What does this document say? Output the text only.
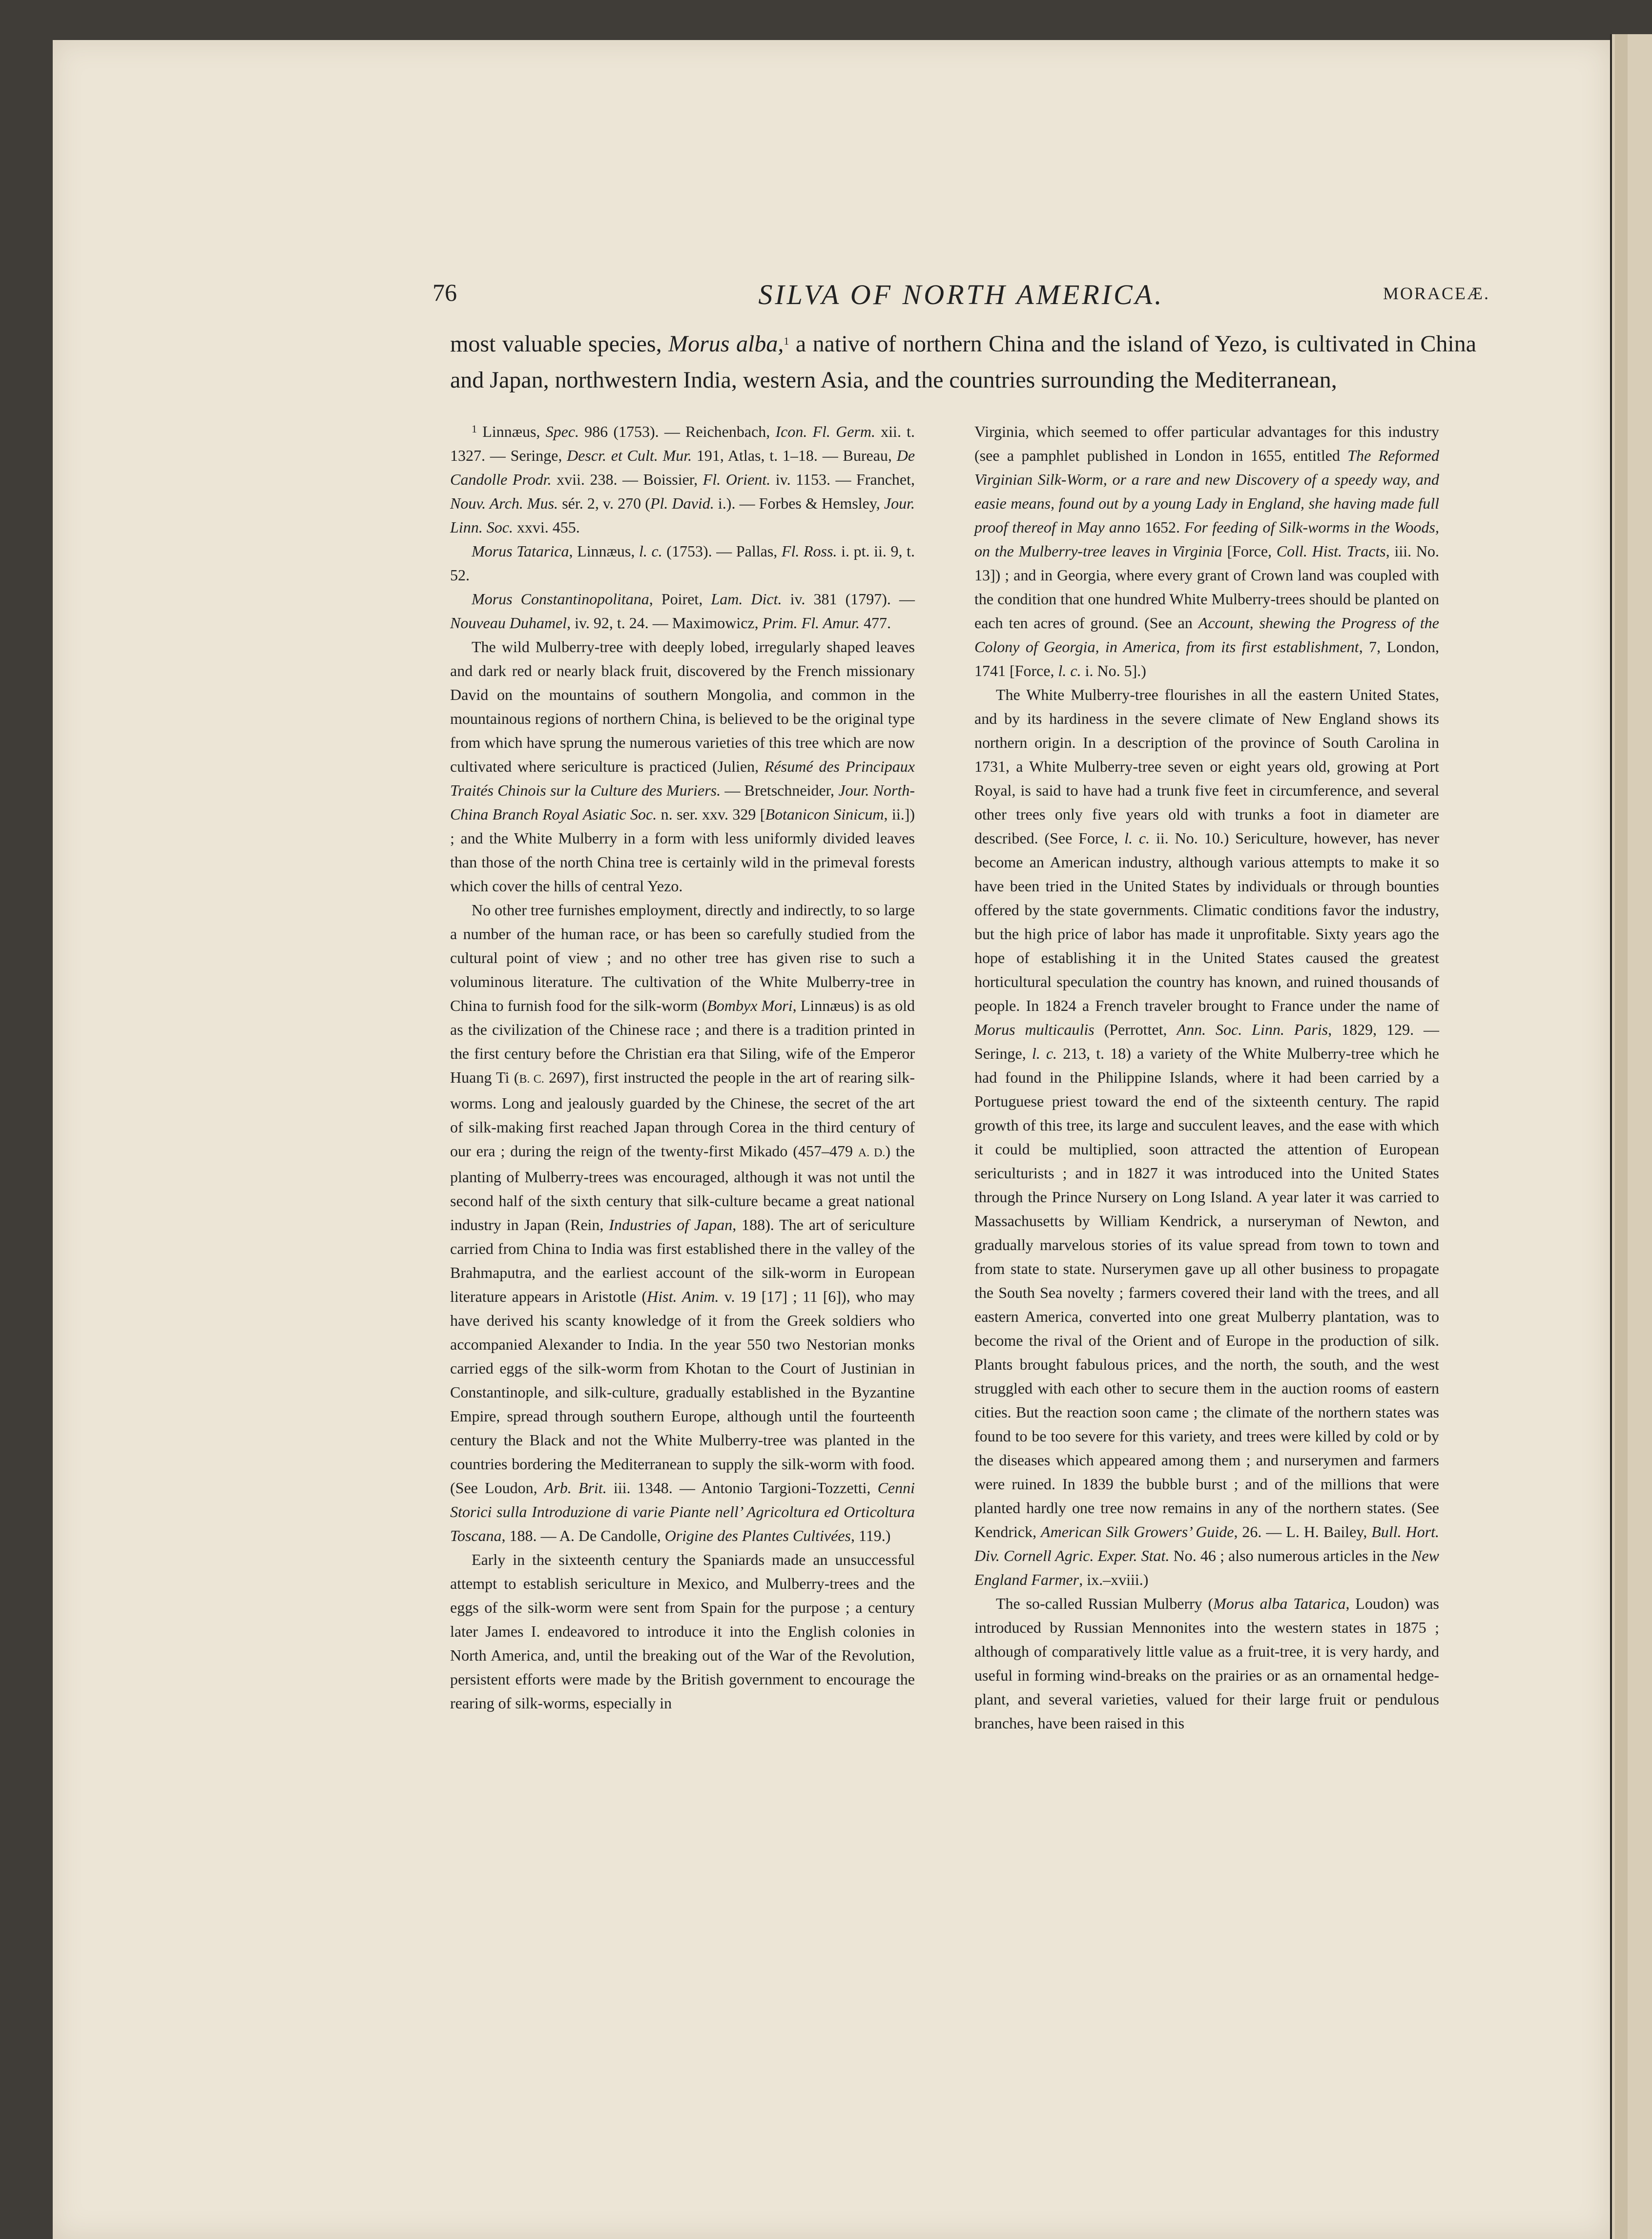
76	SILVA OF NORTH AMERICA.	MORACEÆ.

most valuable species, Morus alba,$^1$ a native of northern China and the island of Yezo, is cultivated in China and Japan, northwestern India, western Asia, and the countries surrounding the Mediterranean,

$^1$ Linnæus, Spec. 986 (1753). — Reichenbach, Icon. Fl. Germ. xii. t. 1327. — Seringe, Descr. et Cult. Mur. 191, Atlas, t. 1–18. — Bureau, De Candolle Prodr. xvii. 238. — Boissier, Fl. Orient. iv. 1153. — Franchet, Nouv. Arch. Mus. sér. 2, v. 270 (Pl. David. i.). — Forbes & Hemsley, Jour. Linn. Soc. xxvi. 455.

Morus Tatarica, Linnæus, l. c. (1753). — Pallas, Fl. Ross. i. pt. ii. 9, t. 52.

Morus Constantinopolitana, Poiret, Lam. Dict. iv. 381 (1797). — Nouveau Duhamel, iv. 92, t. 24. — Maximowicz, Prim. Fl. Amur. 477.

The wild Mulberry-tree with deeply lobed, irregularly shaped leaves and dark red or nearly black fruit, discovered by the French missionary David on the mountains of southern Mongolia, and common in the mountainous regions of northern China, is believed to be the original type from which have sprung the numerous varieties of this tree which are now cultivated where sericulture is practiced (Julien, Résumé des Principaux Traités Chinois sur la Culture des Muriers. — Bretschneider, Jour. North-China Branch Royal Asiatic Soc. n. ser. xxv. 329 [Botanicon Sinicum, ii.]) ; and the White Mulberry in a form with less uniformly divided leaves than those of the north China tree is certainly wild in the primeval forests which cover the hills of central Yezo.

No other tree furnishes employment, directly and indirectly, to so large a number of the human race, or has been so carefully studied from the cultural point of view ; and no other tree has given rise to such a voluminous literature. The cultivation of the White Mulberry-tree in China to furnish food for the silk-worm (Bombyx Mori, Linnæus) is as old as the civilization of the Chinese race ; and there is a tradition printed in the first century before the Christian era that Siling, wife of the Emperor Huang Ti (B. C. 2697), first instructed the people in the art of rearing silk-worms. Long and jealously guarded by the Chinese, the secret of the art of silk-making first reached Japan through Corea in the third century of our era ; during the reign of the twenty-first Mikado (457–479 A. D.) the planting of Mulberry-trees was encouraged, although it was not until the second half of the sixth century that silk-culture became a great national industry in Japan (Rein, Industries of Japan, 188). The art of sericulture carried from China to India was first established there in the valley of the Brahmaputra, and the earliest account of the silk-worm in European literature appears in Aristotle (Hist. Anim. v. 19 [17] ; 11 [6]), who may have derived his scanty knowledge of it from the Greek soldiers who accompanied Alexander to India. In the year 550 two Nestorian monks carried eggs of the silk-worm from Khotan to the Court of Justinian in Constantinople, and silk-culture, gradually established in the Byzantine Empire, spread through southern Europe, although until the fourteenth century the Black and not the White Mulberry-tree was planted in the countries bordering the Mediterranean to supply the silk-worm with food. (See Loudon, Arb. Brit. iii. 1348. — Antonio Targioni-Tozzetti, Cenni Storici sulla Introduzione di varie Piante nell’ Agricoltura ed Orticoltura Toscana, 188. — A. De Candolle, Origine des Plantes Cultivées, 119.)

Early in the sixteenth century the Spaniards made an unsuccessful attempt to establish sericulture in Mexico, and Mulberry-trees and the eggs of the silk-worm were sent from Spain for the purpose ; a century later James I. endeavored to introduce it into the English colonies in North America, and, until the breaking out of the War of the Revolution, persistent efforts were made by the British government to encourage the rearing of silk-worms, especially in

Virginia, which seemed to offer particular advantages for this industry (see a pamphlet published in London in 1655, entitled The Reformed Virginian Silk-Worm, or a rare and new Discovery of a speedy way, and easie means, found out by a young Lady in England, she having made full proof thereof in May anno 1652. For feeding of Silk-worms in the Woods, on the Mulberry-tree leaves in Virginia [Force, Coll. Hist. Tracts, iii. No. 13]) ; and in Georgia, where every grant of Crown land was coupled with the condition that one hundred White Mulberry-trees should be planted on each ten acres of ground. (See an Account, shewing the Progress of the Colony of Georgia, in America, from its first establishment, 7, London, 1741 [Force, l. c. i. No. 5].)

The White Mulberry-tree flourishes in all the eastern United States, and by its hardiness in the severe climate of New England shows its northern origin. In a description of the province of South Carolina in 1731, a White Mulberry-tree seven or eight years old, growing at Port Royal, is said to have had a trunk five feet in circumference, and several other trees only five years old with trunks a foot in diameter are described. (See Force, l. c. ii. No. 10.) Sericulture, however, has never become an American industry, although various attempts to make it so have been tried in the United States by individuals or through bounties offered by the state governments. Climatic conditions favor the industry, but the high price of labor has made it unprofitable. Sixty years ago the hope of establishing it in the United States caused the greatest horticultural speculation the country has known, and ruined thousands of people. In 1824 a French traveler brought to France under the name of Morus multicaulis (Perrottet, Ann. Soc. Linn. Paris, 1829, 129. — Seringe, l. c. 213, t. 18) a variety of the White Mulberry-tree which he had found in the Philippine Islands, where it had been carried by a Portuguese priest toward the end of the sixteenth century. The rapid growth of this tree, its large and succulent leaves, and the ease with which it could be multiplied, soon attracted the attention of European sericulturists ; and in 1827 it was introduced into the United States through the Prince Nursery on Long Island. A year later it was carried to Massachusetts by William Kendrick, a nurseryman of Newton, and gradually marvelous stories of its value spread from town to town and from state to state. Nurserymen gave up all other business to propagate the South Sea novelty ; farmers covered their land with the trees, and all eastern America, converted into one great Mulberry plantation, was to become the rival of the Orient and of Europe in the production of silk. Plants brought fabulous prices, and the north, the south, and the west struggled with each other to secure them in the auction rooms of eastern cities. But the reaction soon came ; the climate of the northern states was found to be too severe for this variety, and trees were killed by cold or by the diseases which appeared among them ; and nurserymen and farmers were ruined. In 1839 the bubble burst ; and of the millions that were planted hardly one tree now remains in any of the northern states. (See Kendrick, American Silk Growers’ Guide, 26. — L. H. Bailey, Bull. Hort. Div. Cornell Agric. Exper. Stat. No. 46 ; also numerous articles in the New England Farmer, ix.–xviii.)

The so-called Russian Mulberry (Morus alba Tatarica, Loudon) was introduced by Russian Mennonites into the western states in 1875 ; although of comparatively little value as a fruit-tree, it is very hardy, and useful in forming wind-breaks on the prairies or as an ornamental hedge-plant, and several varieties, valued for their large fruit or pendulous branches, have been raised in this
